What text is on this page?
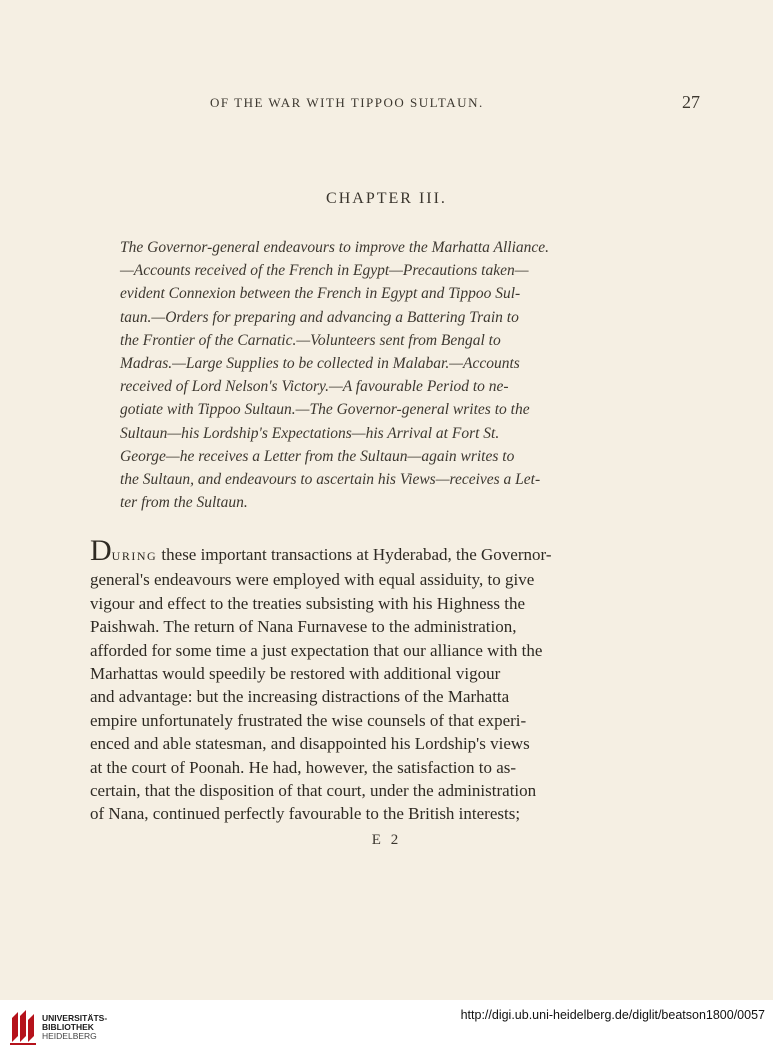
OF THE WAR WITH TIPPOO SULTAUN.	27
CHAPTER III.
The Governor-general endeavours to improve the Marhatta Alliance.
—Accounts received of the French in Egypt—Precautions taken—
evident Connexion between the French in Egypt and Tippoo Sul-
taun.—Orders for preparing and advancing a Battering Train to
the Frontier of the Carnatic.—Volunteers sent from Bengal to
Madras.—Large Supplies to be collected in Malabar.—Accounts
received of Lord Nelson's Victory.—A favourable Period to ne-
gotiate with Tippoo Sultaun.—The Governor-general writes to the
Sultaun—his Lordship's Expectations—his Arrival at Fort St.
George—he receives a Letter from the Sultaun—again writes to
the Sultaun, and endeavours to ascertain his Views—receives a Let-
ter from the Sultaun.
DURING these important transactions at Hyderabad, the Governor-
general's endeavours were employed with equal assiduity, to give
vigour and effect to the treaties subsisting with his Highness the
Paishwah. The return of Nana Furnavese to the administration,
afforded for some time a just expectation that our alliance with the
Marhattas would speedily be restored with additional vigour
and advantage: but the increasing distractions of the Marhatta
empire unfortunately frustrated the wise counsels of that experi-
enced and able statesman, and disappointed his Lordship's views
at the court of Poonah. He had, however, the satisfaction to as-
certain, that the disposition of that court, under the administration
of Nana, continued perfectly favourable to the British interests;
E 2
UNIVERSITÄTS-
BIBLIOTHEK
HEIDELBERG
http://digi.ub.uni-heidelberg.de/diglit/beatson1800/0057
